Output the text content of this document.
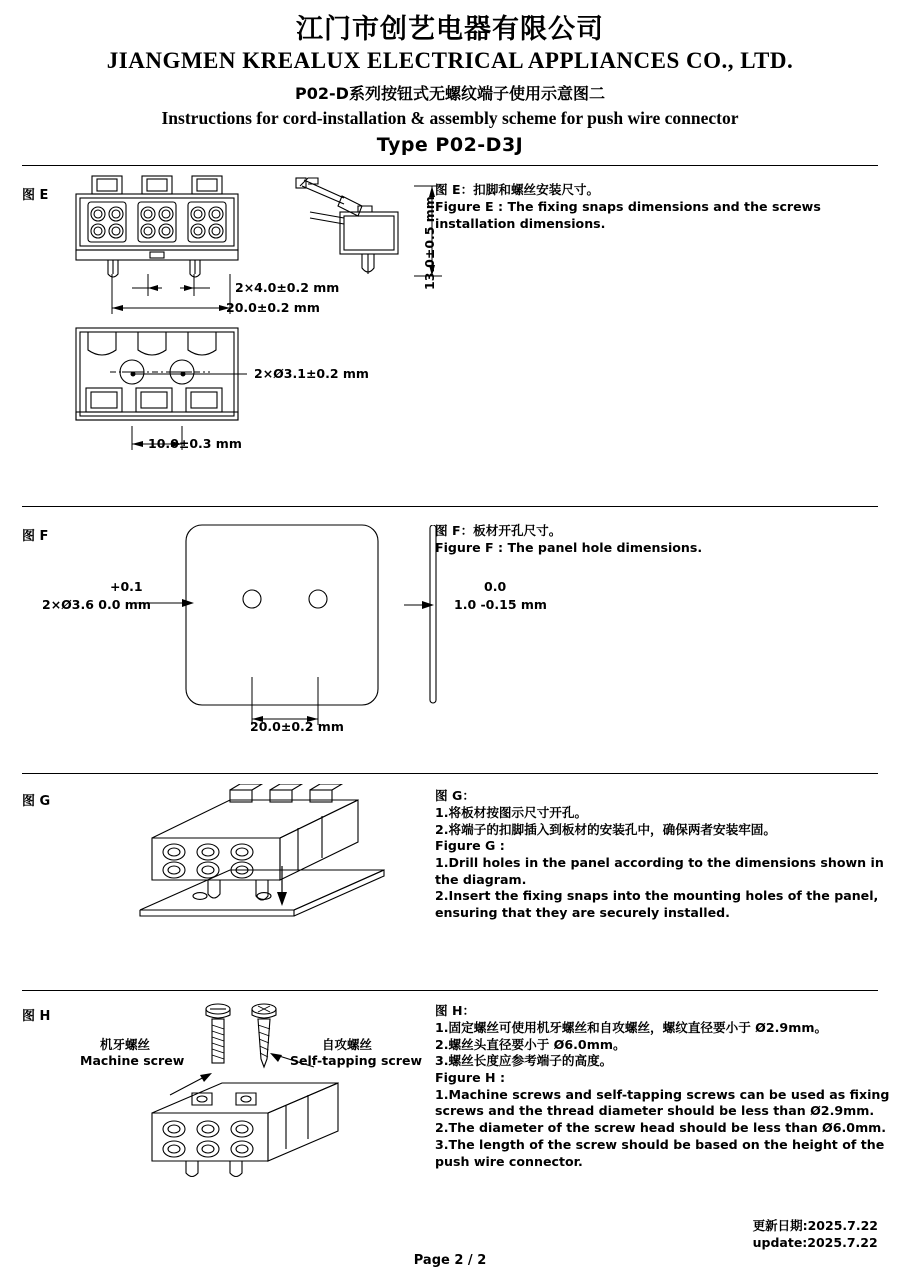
江门市创艺电器有限公司
JIANGMEN KREALUX ELECTRICAL APPLIANCES CO., LTD.
P02-D系列按钮式无螺纹端子使用示意图二
Instructions for cord-installation & assembly scheme for push wire connector
Type P02-D3J
图 E	图 E：扣脚和螺丝安装尺寸。
Figure E : The fixing snaps dimensions and the screws
installation dimensions.
2×4.0±0.2 mm
20.0±0.2 mm
13.0±0.5 mm
2×Ø3.1±0.2 mm
10.0±0.3 mm
图 F	图 F：板材开孔尺寸。
Figure F : The panel hole dimensions.
+0.1
2×Ø3.6 0.0 mm
0.0
1.0 -0.15 mm
20.0±0.2 mm
图 G	图 G：
1.将板材按图示尺寸开孔。
2.将端子的扣脚插入到板材的安装孔中，确保两者安装牢固。
Figure G :
1.Drill holes in the panel according to the dimensions shown in
the diagram.
2.Insert the fixing snaps into the mounting holes of the panel,
ensuring that they are securely installed.
图 H	图 H：
1.固定螺丝可使用机牙螺丝和自攻螺丝，螺纹直径要小于 Ø2.9mm。
2.螺丝头直径要小于 Ø6.0mm。
3.螺丝长度应参考端子的高度。
Figure H :
1.Machine screws and self-tapping screws can be used as fixing
screws and the thread diameter should be less than Ø2.9mm.
2.The diameter of the screw head should be less than Ø6.0mm.
3.The length of the screw should be based on the height of the
push wire connector.
机牙螺丝
Machine screw
自攻螺丝
Self-tapping screw
更新日期:2025.7.22
update:2025.7.22
Page 2 / 2
